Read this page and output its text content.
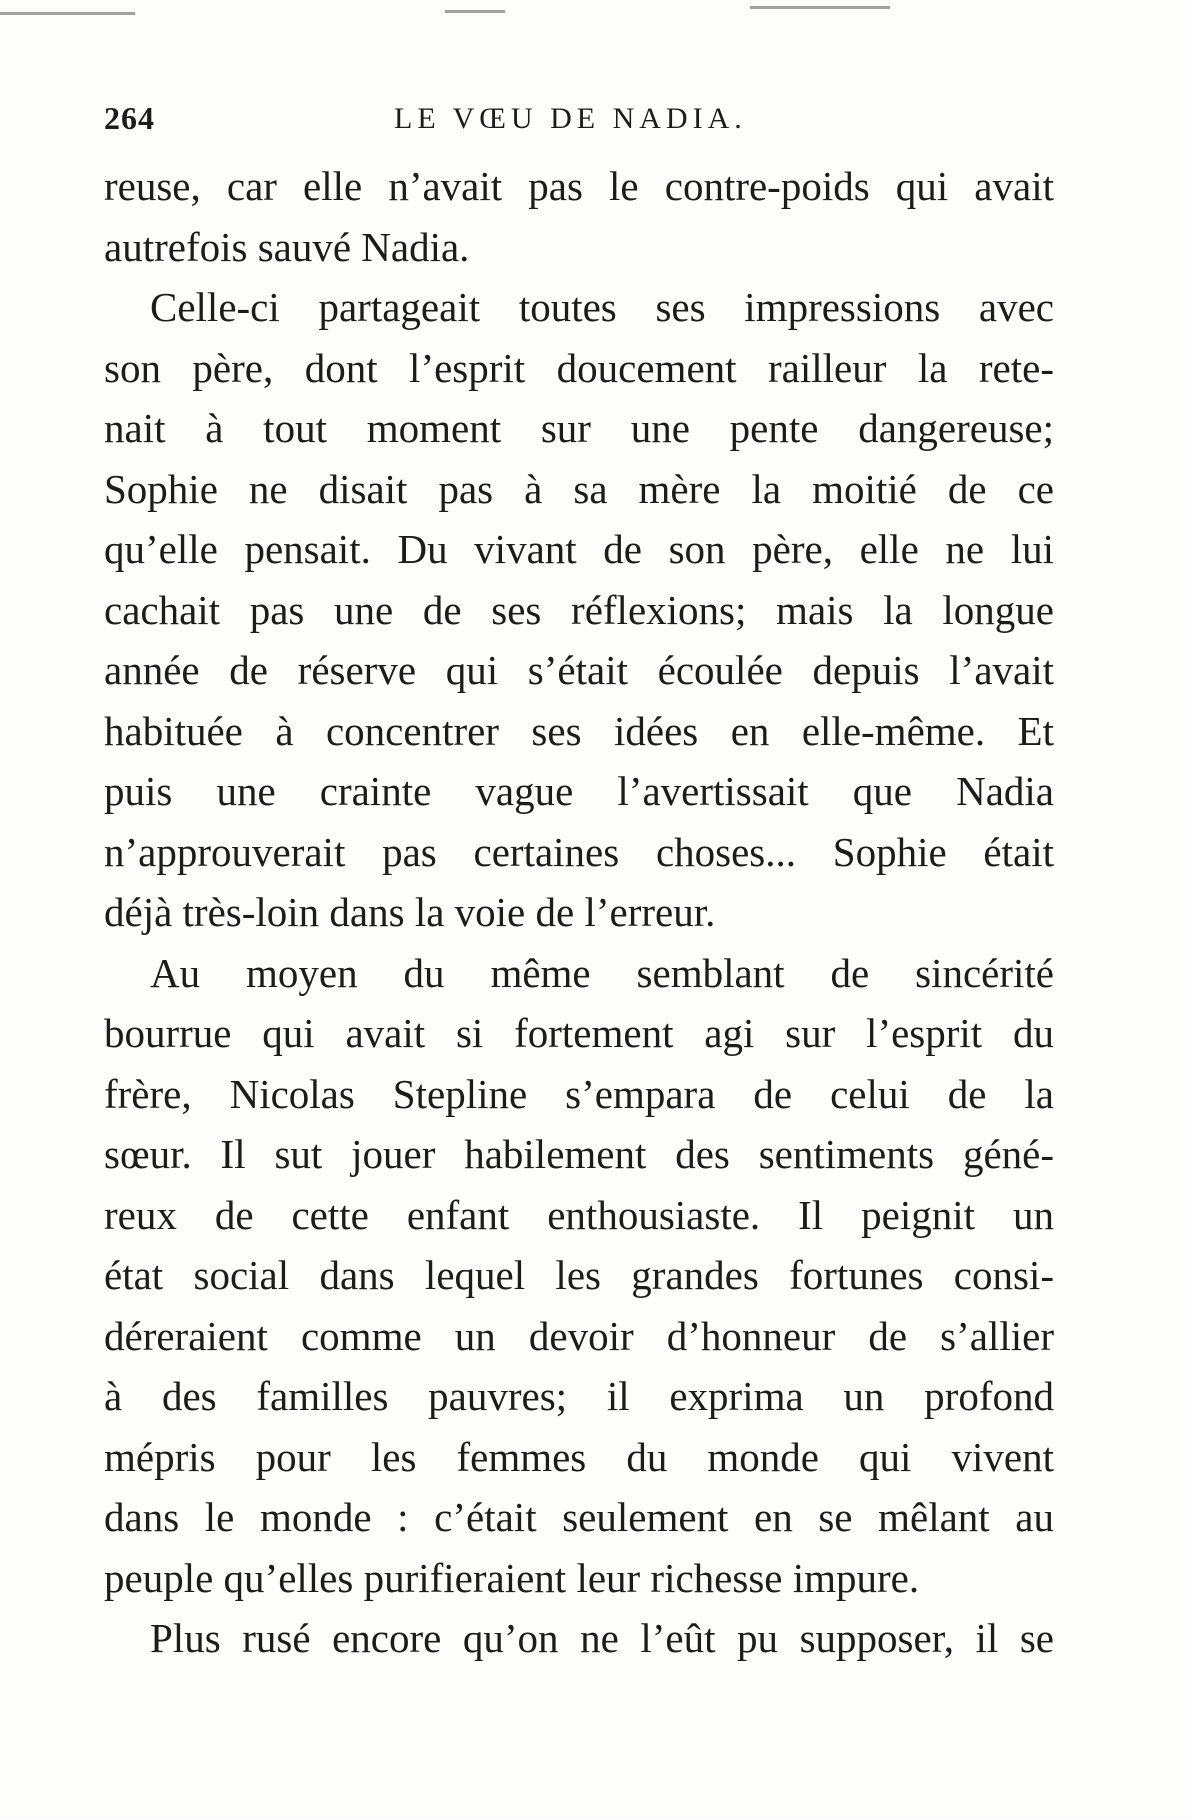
264	LE VŒU DE NADIA.
reuse, car elle n’avait pas le contre-poids qui avait
autrefois sauvé Nadia.
Celle-ci partageait toutes ses impressions avec
son père, dont l’esprit doucement railleur la rete-
nait à tout moment sur une pente dangereuse;
Sophie ne disait pas à sa mère la moitié de ce
qu’elle pensait. Du vivant de son père, elle ne lui
cachait pas une de ses réflexions; mais la longue
année de réserve qui s’était écoulée depuis l’avait
habituée à concentrer ses idées en elle-même. Et
puis une crainte vague l’avertissait que Nadia
n’approuverait pas certaines choses... Sophie était
déjà très-loin dans la voie de l’erreur.
Au moyen du même semblant de sincérité
bourrue qui avait si fortement agi sur l’esprit du
frère, Nicolas Stepline s’empara de celui de la
sœur. Il sut jouer habilement des sentiments géné-
reux de cette enfant enthousiaste. Il peignit un
état social dans lequel les grandes fortunes consi-
déreraient comme un devoir d’honneur de s’allier
à des familles pauvres; il exprima un profond
mépris pour les femmes du monde qui vivent
dans le monde : c’était seulement en se mêlant au
peuple qu’elles purifieraient leur richesse impure.
Plus rusé encore qu’on ne l’eût pu supposer, il se
